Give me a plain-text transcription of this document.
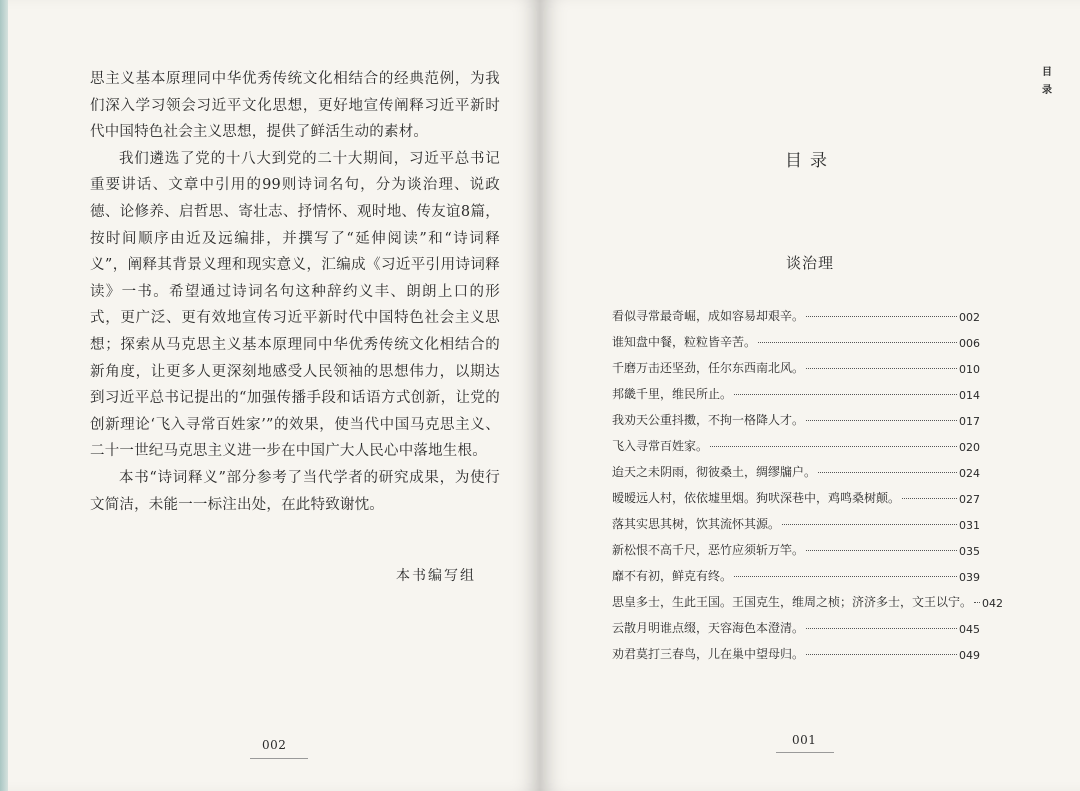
思主义基本原理同中华优秀传统文化相结合的经典范例，为我们深入学习领会习近平文化思想，更好地宣传阐释习近平新时代中国特色社会主义思想，提供了鲜活生动的素材。

我们遴选了党的十八大到党的二十大期间，习近平总书记重要讲话、文章中引用的99则诗词名句，分为谈治理、说政德、论修养、启哲思、寄壮志、抒情怀、观时地、传友谊8篇，按时间顺序由近及远编排，并撰写了“延伸阅读”和“诗词释义”，阐释其背景义理和现实意义，汇编成《习近平引用诗词释读》一书。希望通过诗词名句这种辞约义丰、朗朗上口的形式，更广泛、更有效地宣传习近平新时代中国特色社会主义思想；探索从马克思主义基本原理同中华优秀传统文化相结合的新角度，让更多人更深刻地感受人民领袖的思想伟力，以期达到习近平总书记提出的“加强传播手段和话语方式创新，让党的创新理论‘飞入寻常百姓家’”的效果，使当代中国马克思主义、二十一世纪马克思主义进一步在中国广大人民心中落地生根。

本书“诗词释义”部分参考了当代学者的研究成果，为使行文简洁，未能一一标注出处，在此特致谢忱。

本书编写组
002
目录
目录
谈治理
看似寻常最奇崛，成如容易却艰辛。	002
谁知盘中餐，粒粒皆辛苦。	006
千磨万击还坚劲，任尔东西南北风。	010
邦畿千里，维民所止。	014
我劝天公重抖擞，不拘一格降人才。	017
飞入寻常百姓家。	020
迨天之未阴雨，彻彼桑土，绸缪牖户。	024
暧暧远人村，依依墟里烟。狗吠深巷中，鸡鸣桑树颠。	027
落其实思其树，饮其流怀其源。	031
新松恨不高千尺，恶竹应须斩万竿。	035
靡不有初，鲜克有终。	039
思皇多士，生此王国。王国克生，维周之桢；济济多士，文王以宁。 042
云散月明谁点缀，天容海色本澄清。	045
劝君莫打三春鸟，儿在巢中望母归。	049
001
